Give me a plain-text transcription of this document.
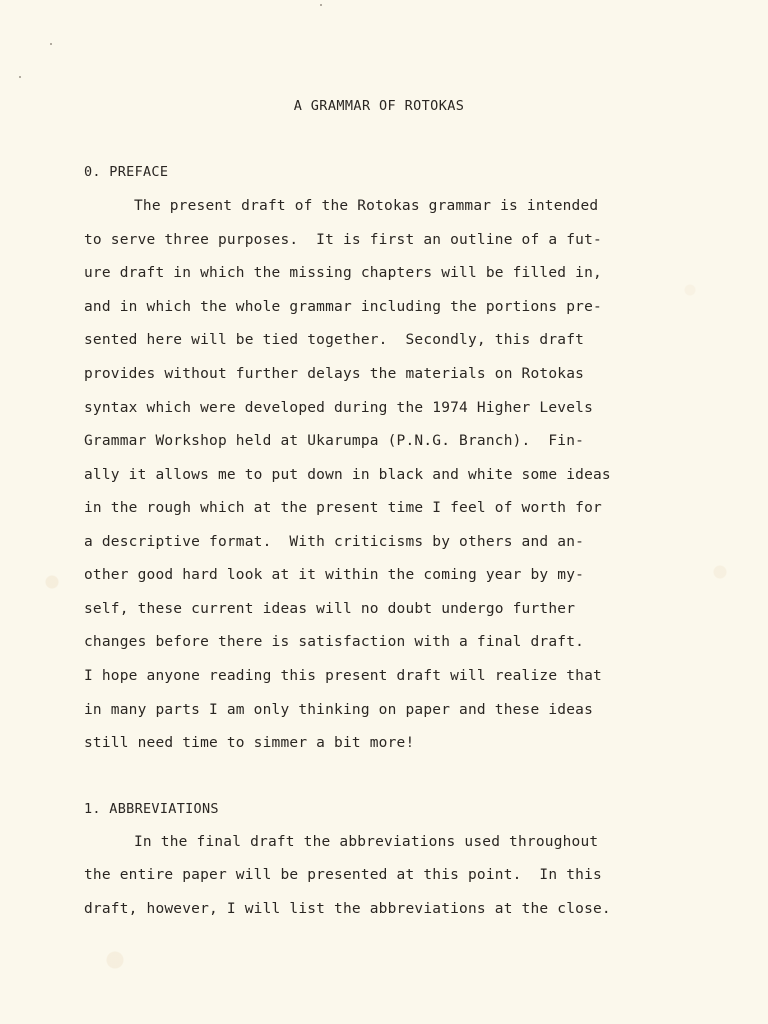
A GRAMMAR OF ROTOKAS
0. PREFACE
The present draft of the Rotokas grammar is intended
to serve three purposes.  It is first an outline of a fut-
ure draft in which the missing chapters will be filled in,
and in which the whole grammar including the portions pre-
sented here will be tied together.  Secondly, this draft
provides without further delays the materials on Rotokas
syntax which were developed during the 1974 Higher Levels
Grammar Workshop held at Ukarumpa (P.N.G. Branch).  Fin-
ally it allows me to put down in black and white some ideas
in the rough which at the present time I feel of worth for
a descriptive format.  With criticisms by others and an-
other good hard look at it within the coming year by my-
self, these current ideas will no doubt undergo further
changes before there is satisfaction with a final draft.
I hope anyone reading this present draft will realize that
in many parts I am only thinking on paper and these ideas
still need time to simmer a bit more!
1. ABBREVIATIONS
In the final draft the abbreviations used throughout
the entire paper will be presented at this point.  In this
draft, however, I will list the abbreviations at the close.
